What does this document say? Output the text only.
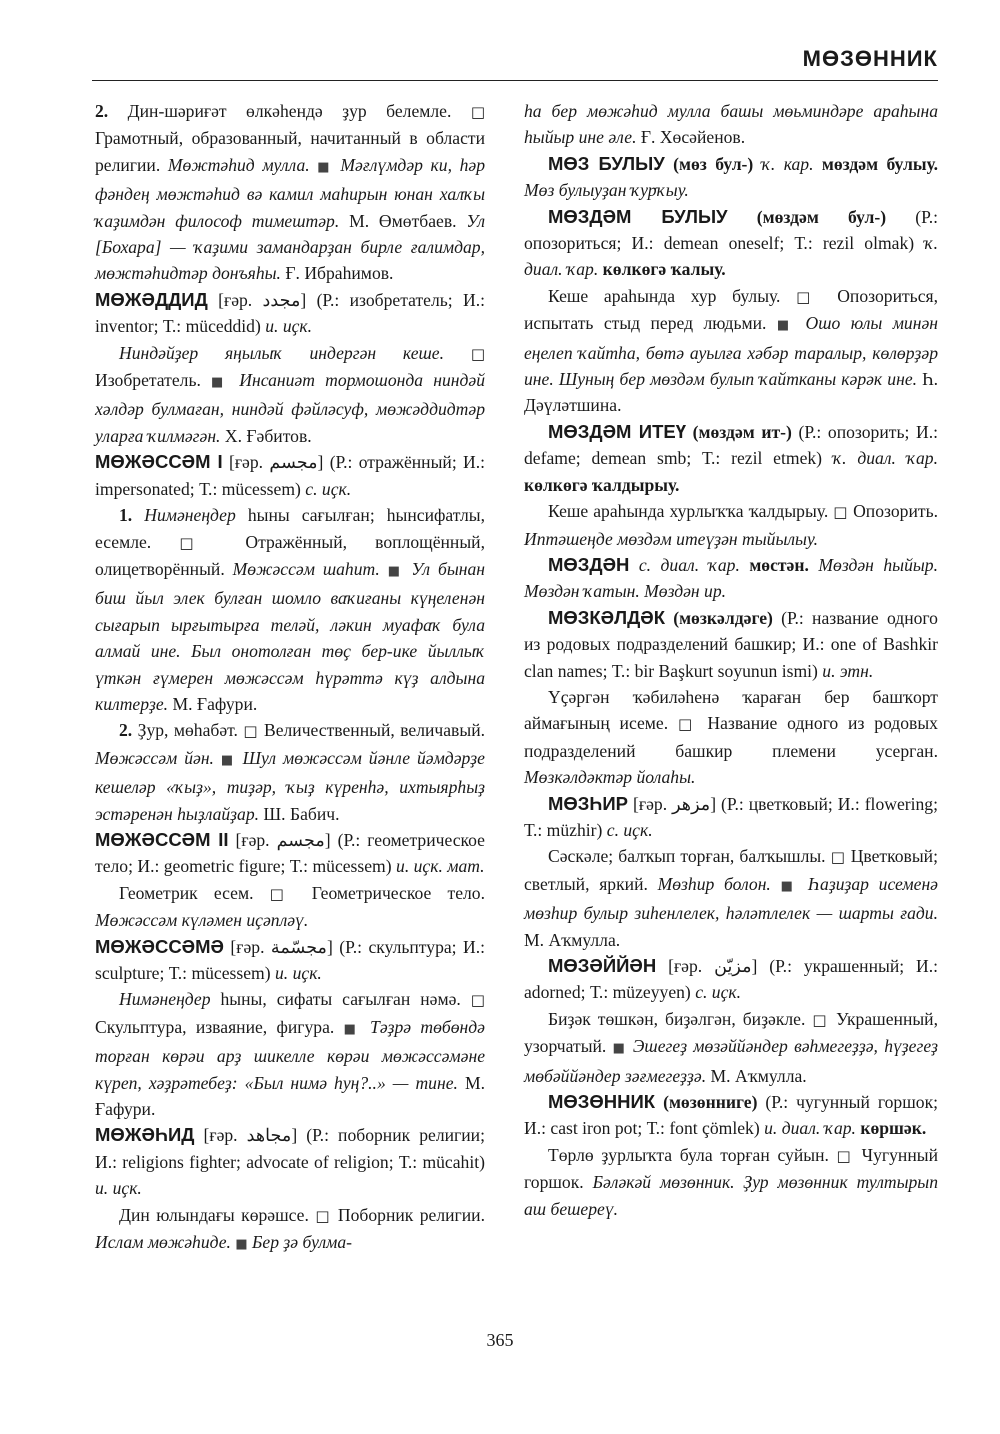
МӨЗӨННИК

2. Дин-шәриғәт өлкәһендә ҙур белемле. □ Грамотный, образованный, начитанный в области религии. Мөжтәһид мулла. ■ Мәғлүмдәр ки, һәр фәндең мөжтәһид вә камил маһирын юнан халҡы ҡаҙимдән философ тимештәр. М. Өмөтбаев. Ул [Бохара] — ҡаҙими замандарҙан бирле ғалимдар, мөжтәһидтәр донъяһы. Ғ. Ибраһимов.

МӨЖӘДДИД [ғәр. مجدد] (Р.: изобретатель; И.: inventor; Т.: müceddid) и. иҫк.

Ниндәйҙер яңылыҡ индергән кеше. □ Изобретатель. ■ Инсаниәт тормошонда ниндәй хәлдәр булмаған, ниндәй фәйләсуф, мөжәддидтәр уларға ҡилмәгән. Х. Ғәбитов.

МӨЖӘССӘМ I [ғәр. مجسم] (Р.: отражённый; И.: impersonated; Т.: mücessem) с. иҫк.

1. Нимәнеңдер һыны сағылған; һынсифатлы, есемле. □ Отражённый, воплощённый, олицетворённый. Мөжәссәм шаһит. ■ Ул бынан биш йыл элек булған шомло ваҡиғаны күңеленән сығарып ырғытырға теләй, ләкин муафаҡ була алмай ине. Был онотолған төҫ бер-ике йыллыҡ үткән ғүмерен мөжәссәм һүрәттә күҙ алдына килтерҙе. М. Ғафури.

2. Ҙур, мөһабәт. □ Величественный, величавый. Мөжәссәм йән. ■ Шул мөжәссәм йәнле йәмдәрҙе кешеләр «ҡыҙ», тиҙәр, ҡыҙ күренһә, ихтыярһыҙ эстәренән һыҙлайҙар. Ш. Бабич.

МӨЖӘССӘМ II [ғәр. مجسم] (Р.: геометрическое тело; И.: geometric figure; Т.: mücessem) и. иҫк. мат.

Геометрик есем. □ Геометрическое тело. Мөжәссәм күләмен иҫәпләү.

МӨЖӘССӘМӘ [ғәр. مجسّمة] (Р.: скульптура; И.: sculpture; Т.: mücessem) и. иҫк.

Нимәнеңдер һыны, сифаты сағылған нәмә. □ Скульптура, изваяние, фигура. ■ Тәҙрә төбөндә торған көрәи арҙ шикелле көрәи мөжәссәмәне күреп, хәҙрәтебеҙ: «Был нимә һуң?..» — тине. М. Ғафури.

МӨЖӘҺИД [ғәр. مجاهد] (Р.: поборник религии; И.: religions fighter; advocate of religion; Т.: mücahit) и. иҫк.

Дин юлындағы көрәшсе. □ Поборник религии. Ислам мөжәһиде. ■ Бер ҙә булма-

һа бер мөжәһид мулла башы мөьминдәре араһына һыйыр ине әле. Ғ. Хөсәйенов.

МӨЗ БУЛЫУ (мөз бул-) ҡ. кар. мөздәм булыу. Мөз булыуҙан ҡурҡыу.

МӨЗДӘМ БУЛЫУ (мөздәм бул-) (Р.: опозориться; И.: demean oneself; Т.: rezil olmak) ҡ. диал. ҡар. көлкөгә ҡалыу.

Кеше араһында хур булыу. □ Опозориться, испытать стыд перед людьми. ■ Ошо юлы минән еңелеп ҡайтһа, бөтә ауылға хәбәр таралыр, көлөрҙәр ине. Шуның бер мөздәм булып ҡайтканы кәрәк ине. Һ. Дәүләтшина.

МӨЗДӘМ ИТЕҮ (мөздәм ит-) (Р.: опозорить; И.: defame; demean smb; Т.: rezil etmek) ҡ. диал. ҡар. көлкөгә ҡалдырыу.

Кеше араһында хурлыҡҡа ҡалдырыу. □ Опозорить. Иптәшеңде мөздәм итеүҙән тыйылыу.

МӨЗДӘН с. диал. ҡар. мөстән. Мөздән һыйыр. Мөздән ҡатын. Мөздән ир.

МӨЗКӘЛДӘК (мөзкәлдәге) (Р.: название одного из родовых подразделений башкир; И.: one of Bashkir clan names; Т.: bir Başkurt soyunun ismi) и. этн.

Үҫәргән ҡәбиләһенә ҡараған бер башҡорт аймағының исеме. □ Название одного из родовых подразделений башкир племени усерган. Мөзкәлдәктәр йолаһы.

МӨЗҺИР [ғәр. مزهر] (Р.: цветковый; И.: flowering; Т.: müzhir) с. иҫк.

Сәскәле; балҡып торған, балҡышлы. □ Цветковый; светлый, яркий. Мөзһир болон. ■ Һаҙиҙар исеменә мөзһир булыр зиһенлелек, һәләтлелек — шарты ғади. М. Аҡмулла.

МӨЗӘЙЙӘН [ғәр. مزيّن] (Р.: украшенный; И.: adorned; Т.: müzeyyen) с. иҫк.

Биҙәк төшкән, биҙәлгән, биҙәкле. □ Украшенный, узорчатый. ■ Эшегеҙ мөзәййәндер вәһмегеҙҙә, һүҙегеҙ мөбәййәндер зәғмегеҙҙә. М. Аҡмулла.

МӨЗӨННИК (мөзөнниге) (Р.: чугунный горшок; И.: cast iron pot; Т.: font çömlek) и. диал. ҡар. көршәк.

Төрлө ҙурлыҡта була торған суйын. □ Чугунный горшок. Бәләкәй мөзөнник. Ҙур мөзөнник тултырып аш бешереү.

365
